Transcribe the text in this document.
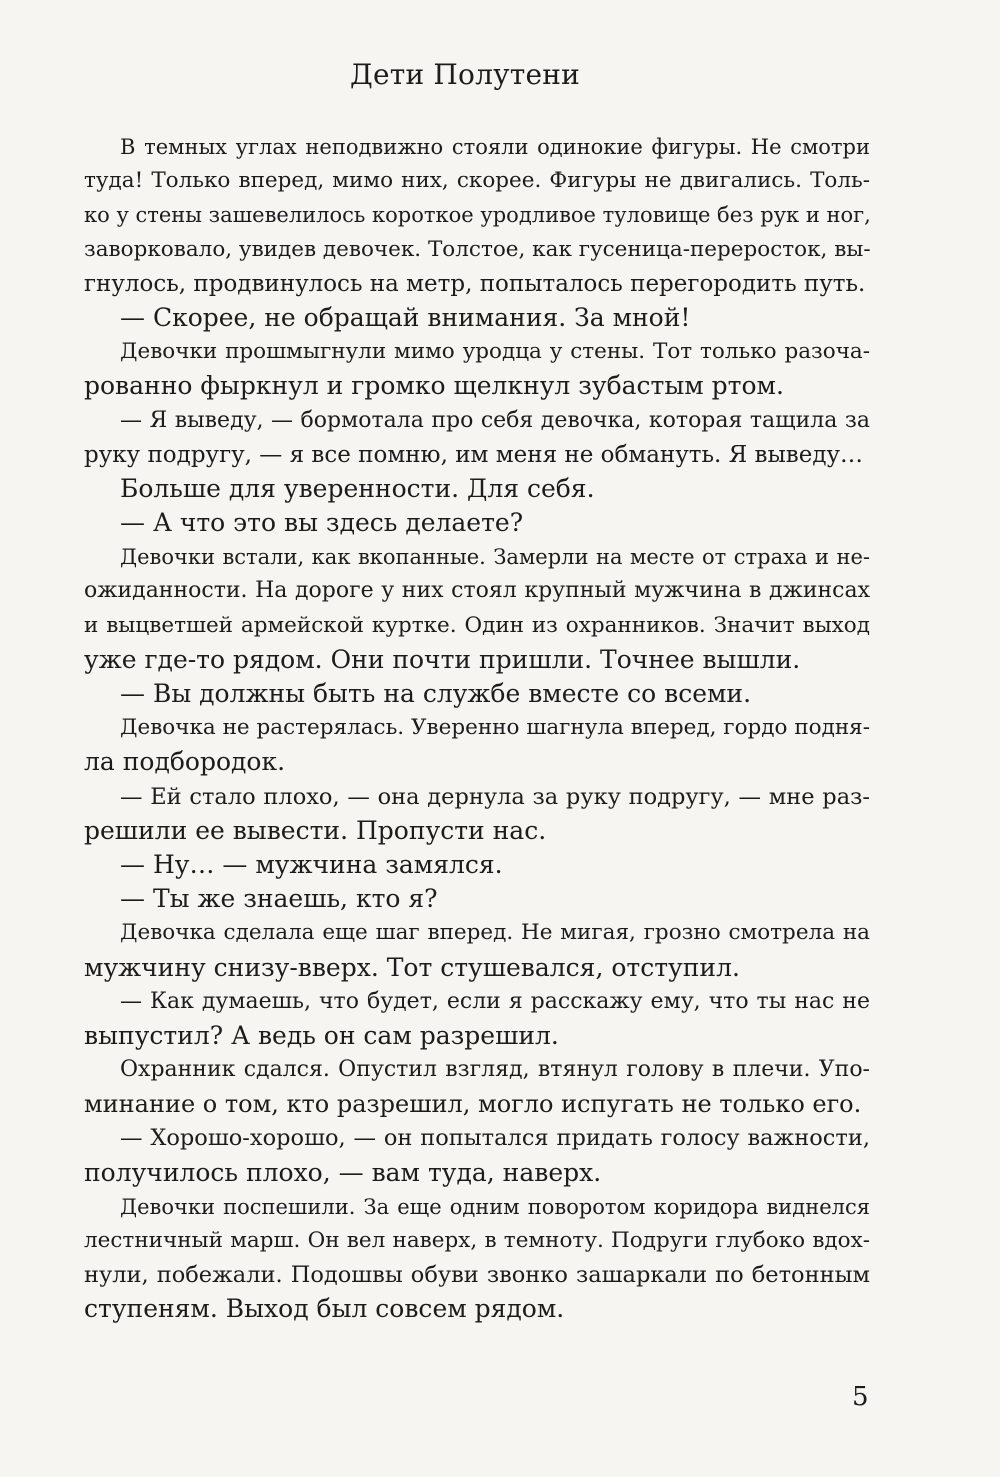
Дети Полутени
В темных углах неподвижно стояли одинокие фигуры. Не смотри
туда! Только вперед, мимо них, скорее. Фигуры не двигались. Толь-
ко у стены зашевелилось короткое уродливое туловище без рук и ног,
заворковало, увидев девочек. Толстое, как гусеница-переросток, вы-
гнулось, продвинулось на метр, попыталось перегородить путь.
— Скорее, не обращай внимания. За мной!
Девочки прошмыгнули мимо уродца у стены. Тот только разоча-
рованно фыркнул и громко щелкнул зубастым ртом.
— Я выведу, — бормотала про себя девочка, которая тащила за
руку подругу, — я все помню, им меня не обмануть. Я выведу…
Больше для уверенности. Для себя.
— А что это вы здесь делаете?
Девочки встали, как вкопанные. Замерли на месте от страха и не-
ожиданности. На дороге у них стоял крупный мужчина в джинсах
и выцветшей армейской куртке. Один из охранников. Значит выход
уже где-то рядом. Они почти пришли. Точнее вышли.
— Вы должны быть на службе вместе со всеми.
Девочка не растерялась. Уверенно шагнула вперед, гордо подня-
ла подбородок.
— Ей стало плохо, — она дернула за руку подругу, — мне раз-
решили ее вывести. Пропусти нас.
— Ну… — мужчина замялся.
— Ты же знаешь, кто я?
Девочка сделала еще шаг вперед. Не мигая, грозно смотрела на
мужчину снизу-вверх. Тот стушевался, отступил.
— Как думаешь, что будет, если я расскажу ему, что ты нас не
выпустил? А ведь он сам разрешил.
Охранник сдался. Опустил взгляд, втянул голову в плечи. Упо-
минание о том, кто разрешил, могло испугать не только его.
— Хорошо-хорошо, — он попытался придать голосу важности,
получилось плохо, — вам туда, наверх.
Девочки поспешили. За еще одним поворотом коридора виднелся
лестничный марш. Он вел наверх, в темноту. Подруги глубоко вдох-
нули, побежали. Подошвы обуви звонко зашаркали по бетонным
ступеням. Выход был совсем рядом.
5
